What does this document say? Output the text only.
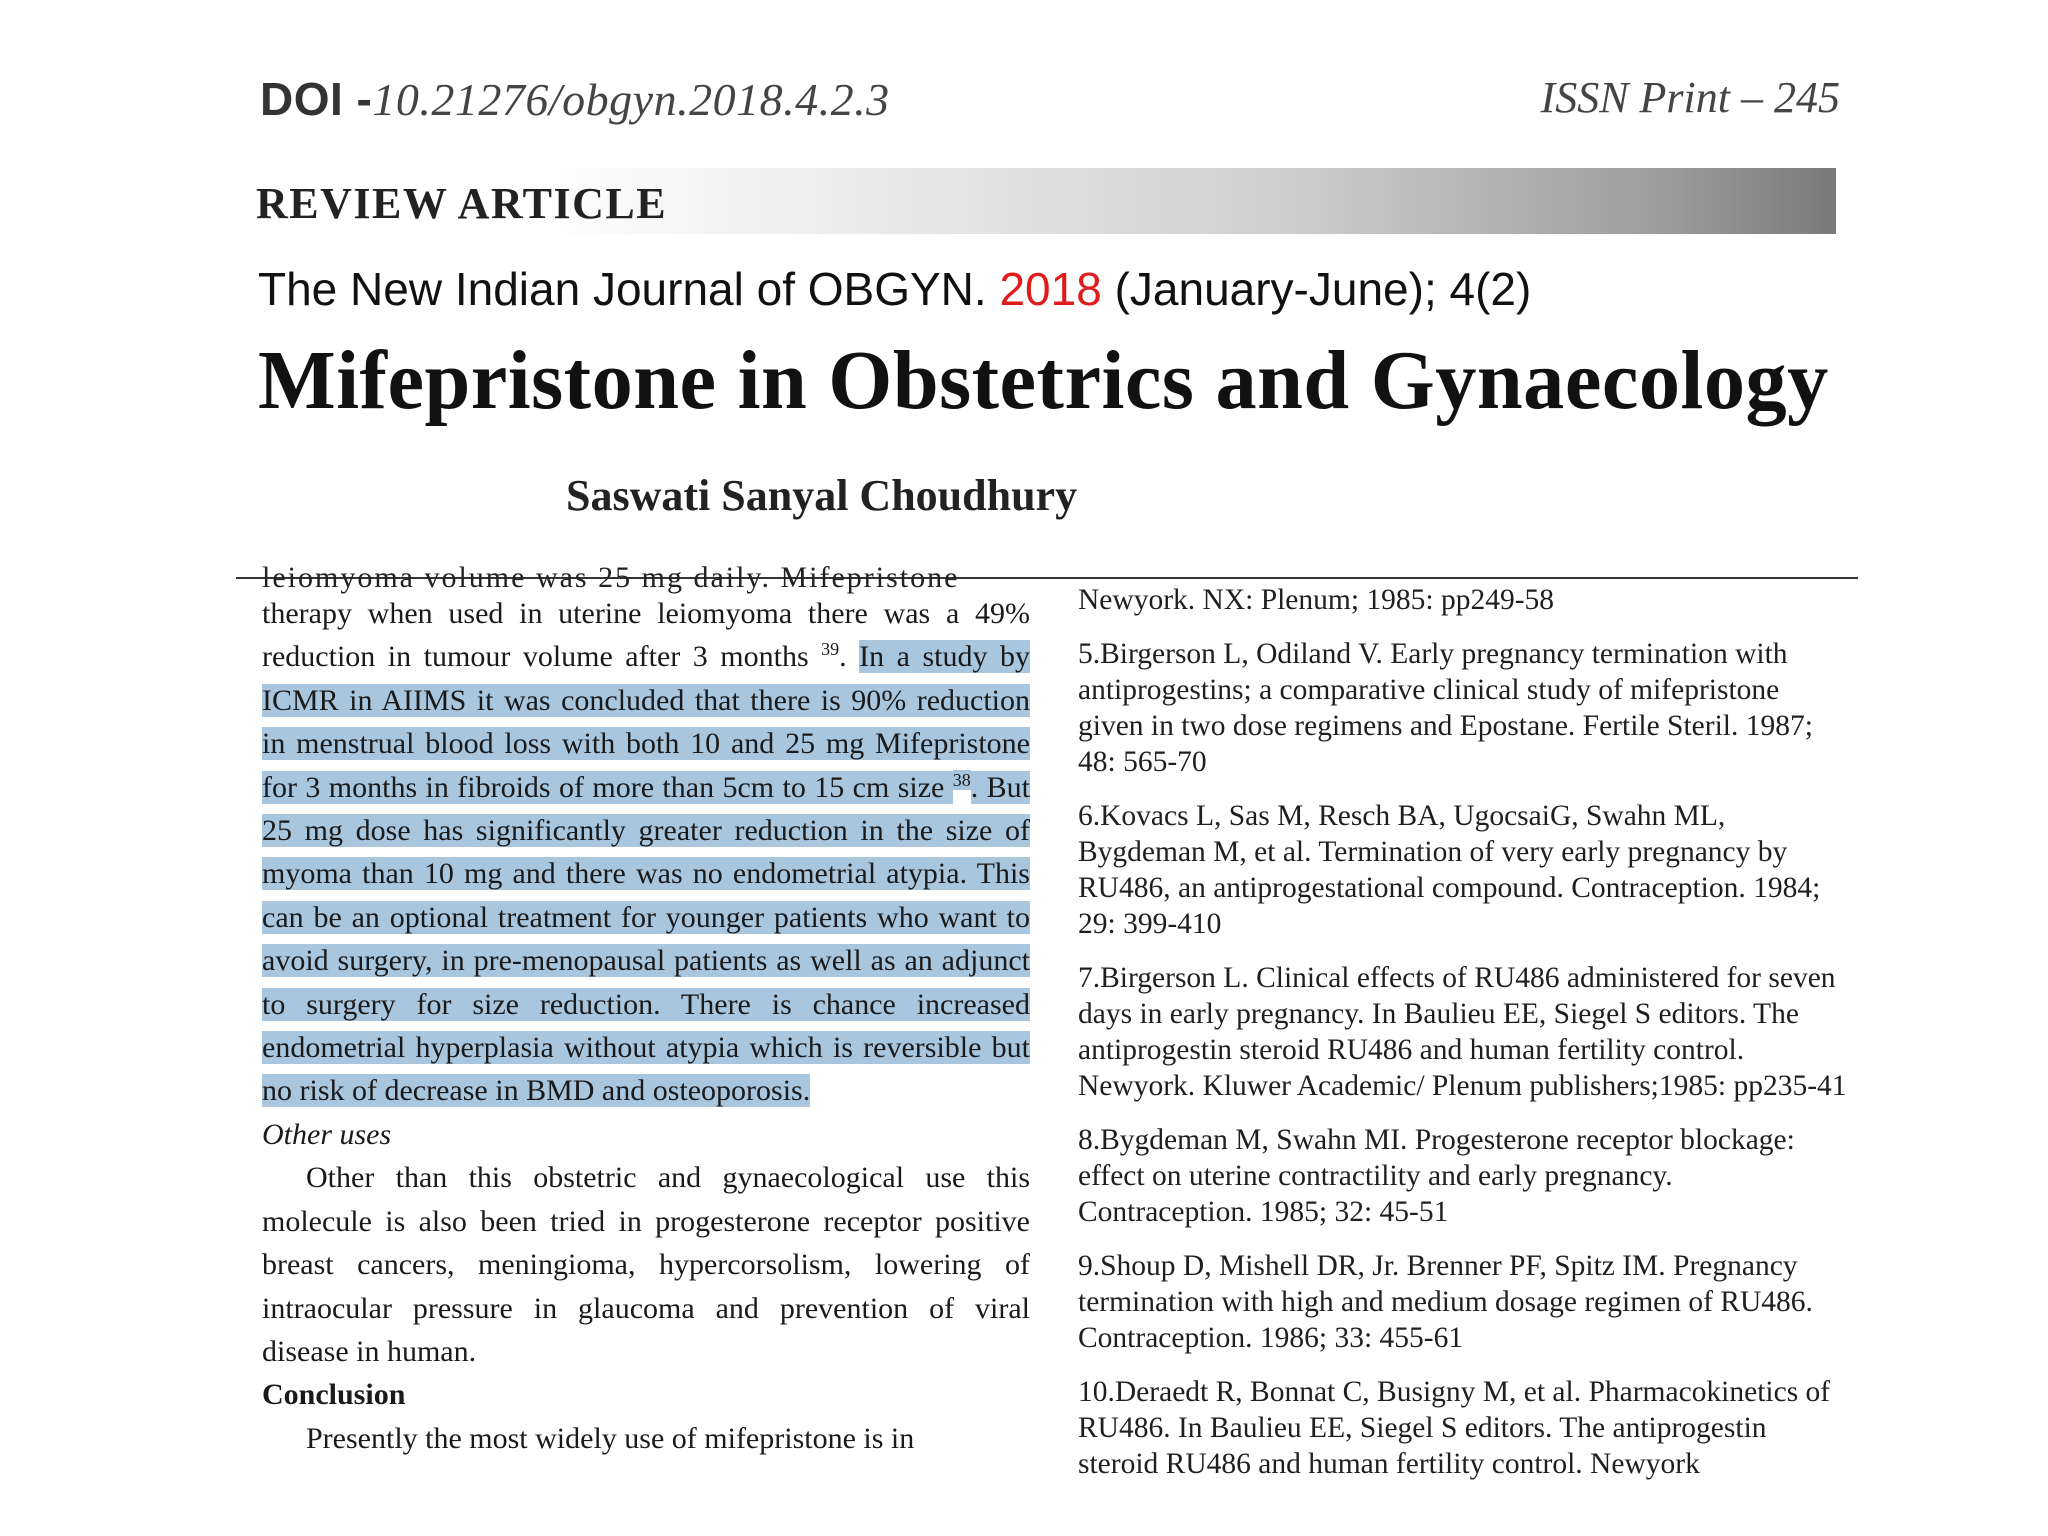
DOI -10.21276/obgyn.2018.4.2.3	ISSN Print – 245
REVIEW ARTICLE
The New Indian Journal of OBGYN. 2018 (January-June); 4(2)
Mifepristone in Obstetrics and Gynaecology
Saswati Sanyal Choudhury
leiomyoma volume was 25 mg daily. Mifepristone

therapy when used in uterine leiomyoma there was a 49% reduction in tumour volume after 3 months $^{39}$. In a study by ICMR in AIIMS it was concluded that there is 90% reduction in menstrual blood loss with both 10 and 25 mg Mifepristone for 3 months in fibroids of more than 5cm to 15 cm size $^{38}$. But 25 mg dose has significantly greater reduction in the size of myoma than 10 mg and there was no endometrial atypia. This can be an optional treatment for younger patients who want to avoid surgery, in pre-menopausal patients as well as an adjunct to surgery for size reduction. There is chance increased endometrial hyperplasia without atypia which is reversible but no risk of decrease in BMD and osteoporosis.

Other uses

Other than this obstetric and gynaecological use this molecule is also been tried in progesterone receptor positive breast cancers, meningioma, hypercorsolism, lowering of intraocular pressure in glaucoma and prevention of viral disease in human.

Conclusion

Presently the most widely use of mifepristone is in

Newyork. NX: Plenum; 1985: pp249-58

5.Birgerson L, Odiland V. Early pregnancy termination with antiprogestins; a comparative clinical study of mifepristone given in two dose regimens and Epostane. Fertile Steril. 1987; 48: 565-70

6.Kovacs L, Sas M, Resch BA, UgocsaiG, Swahn ML, Bygdeman M, et al. Termination of very early pregnancy by RU486, an antiprogestational compound. Contraception. 1984; 29: 399-410

7.Birgerson L. Clinical effects of RU486 administered for seven days in early pregnancy. In Baulieu EE, Siegel S editors. The antiprogestin steroid RU486 and human fertility control. Newyork. Kluwer Academic/ Plenum publishers;1985: pp235-41

8.Bygdeman M, Swahn MI. Progesterone receptor blockage: effect on uterine contractility and early pregnancy. Contraception. 1985; 32: 45-51

9.Shoup D, Mishell DR, Jr. Brenner PF, Spitz IM. Pregnancy termination with high and medium dosage regimen of RU486. Contraception. 1986; 33: 455-61

10.Deraedt R, Bonnat C, Busigny M, et al. Pharmacokinetics of RU486. In Baulieu EE, Siegel S editors. The antiprogestin steroid RU486 and human fertility control. Newyork
